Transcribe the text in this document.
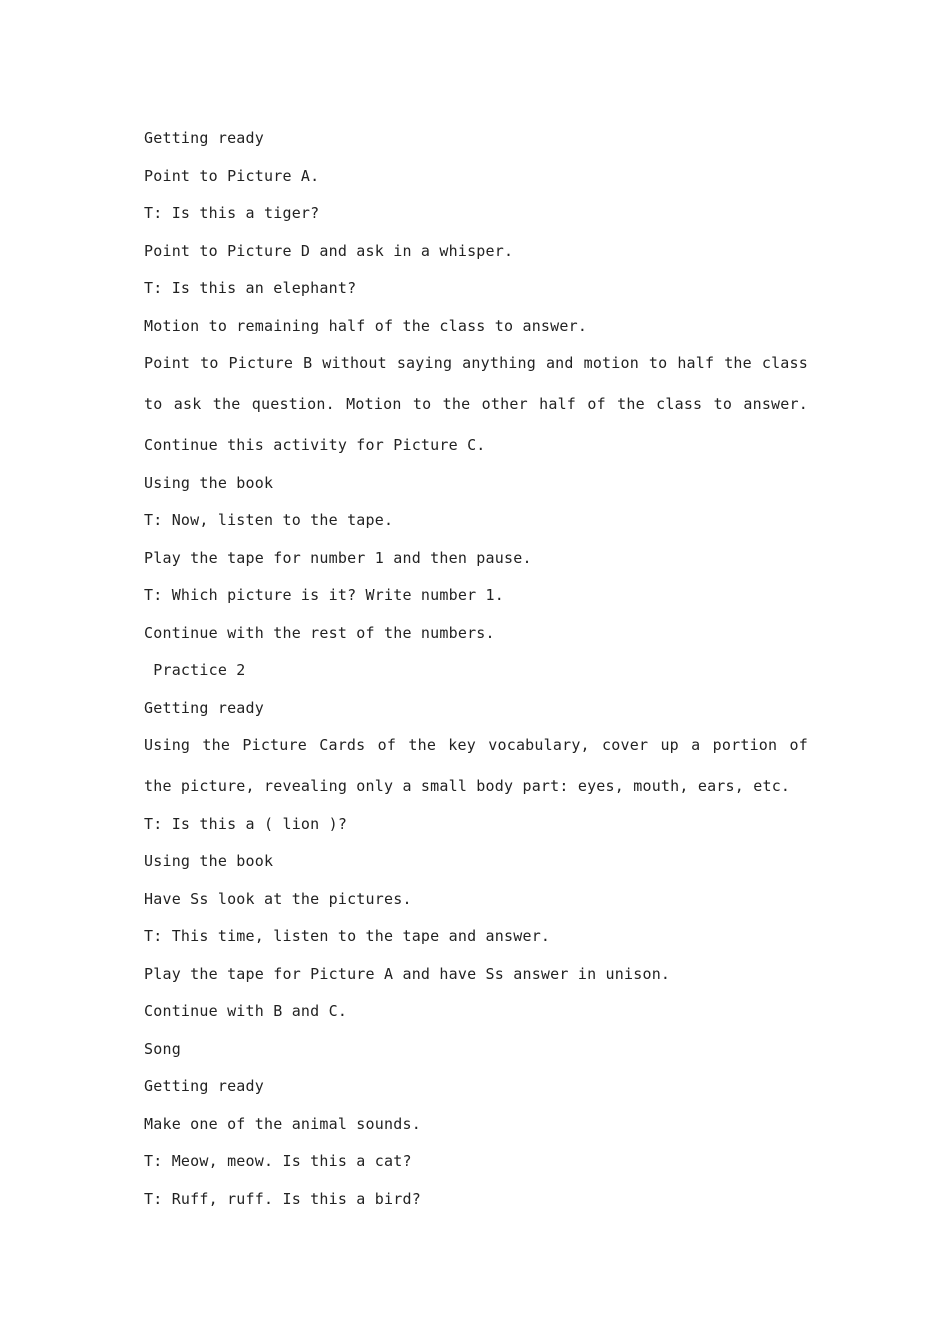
Getting ready
Point to Picture A.
T: Is this a tiger?
Point to Picture D and ask in a whisper.
T: Is this an elephant?
Motion to remaining half of the class to answer.
Point to Picture B without saying anything and motion to half the class to ask the question. Motion to the other half of the class to answer. Continue this activity for Picture C.
Using the book
T: Now, listen to the tape.
Play the tape for number 1 and then pause.
T: Which picture is it? Write number 1.
Continue with the rest of the numbers.
Practice 2
Getting ready
Using the Picture Cards of the key vocabulary, cover up a portion of the picture, revealing only a small body part: eyes, mouth, ears, etc.
T: Is this a ( lion )?
Using the book
Have Ss look at the pictures.
T: This time, listen to the tape and answer.
Play the tape for Picture A and have Ss answer in unison.
Continue with B and C.
Song
Getting ready
Make one of the animal sounds.
T: Meow, meow. Is this a cat?
T: Ruff, ruff. Is this a bird?
